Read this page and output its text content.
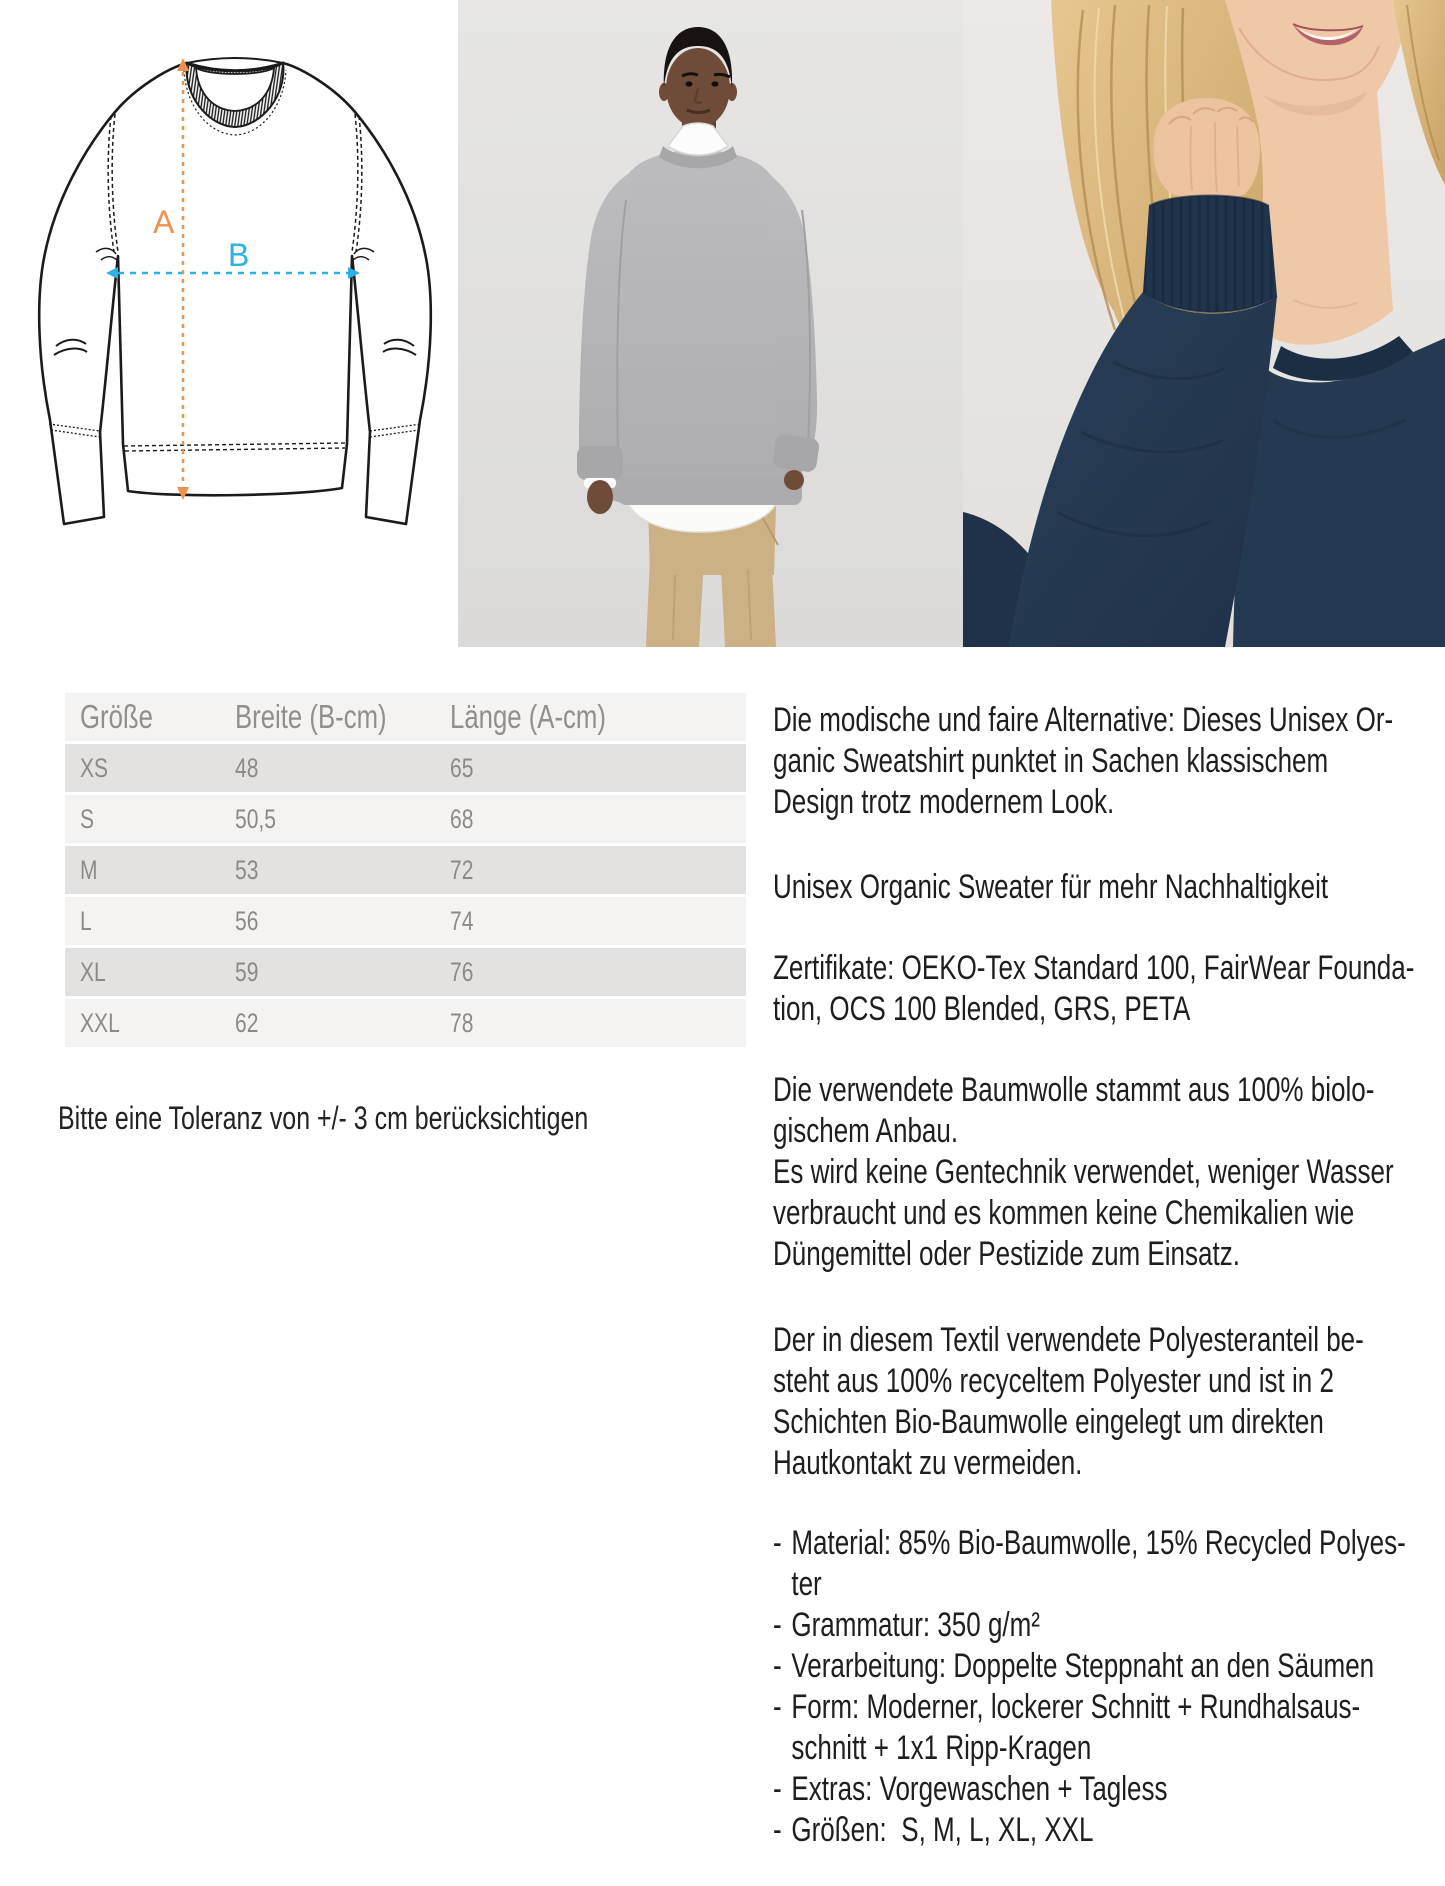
B
A
Größe	Breite (B-cm)	Länge (A-cm)
XS	48	65
S	50,5	68
M	53	72
L	56	74
XL	59	76
XXL	62	78
Bitte eine Toleranz von +/- 3 cm berücksichtigen
Die modische und faire Alternative: Dieses Unisex Or-
ganic Sweatshirt punktet in Sachen klassischem
Design trotz modernem Look.
Unisex Organic Sweater für mehr Nachhaltigkeit
Zertifikate: OEKO-Tex Standard 100, FairWear Founda-
tion, OCS 100 Blended, GRS, PETA
Die verwendete Baumwolle stammt aus 100% biolo-
gischem Anbau.
Es wird keine Gentechnik verwendet, weniger Wasser
verbraucht und es kommen keine Chemikalien wie
Düngemittel oder Pestizide zum Einsatz.
Der in diesem Textil verwendete Polyesteranteil be-
steht aus 100% recyceltem Polyester und ist in 2
Schichten Bio-Baumwolle eingelegt um direkten
Hautkontakt zu vermeiden.
- Material: 85% Bio-Baumwolle, 15% Recycled Polyes-
ter
- Grammatur: 350 g/m²
- Verarbeitung: Doppelte Steppnaht an den Säumen
- Form: Moderner, lockerer Schnitt + Rundhalsaus-
schnitt + 1x1 Ripp-Kragen
- Extras: Vorgewaschen + Tagless
- Größen:  S, M, L, XL, XXL
